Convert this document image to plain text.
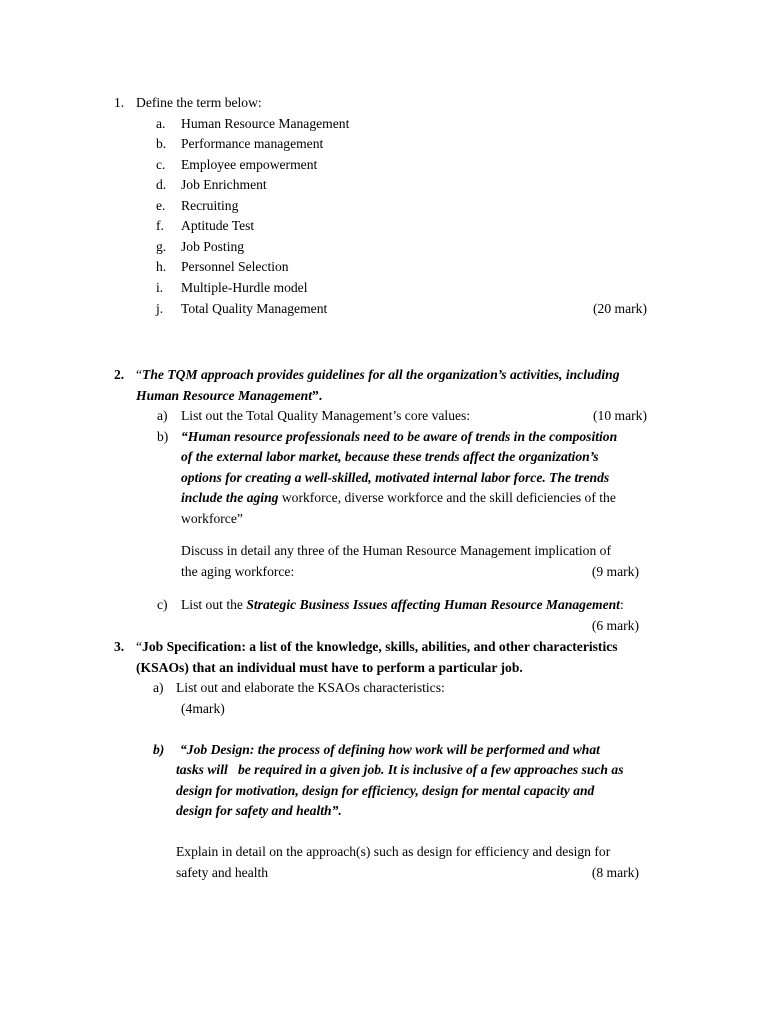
1. Define the term below:
a. Human Resource Management
b. Performance management
c. Employee empowerment
d. Job Enrichment
e. Recruiting
f. Aptitude Test
g. Job Posting
h. Personnel Selection
i. Multiple-Hurdle model
j. Total Quality Management	(20 mark)
2. “The TQM approach provides guidelines for all the organization’s activities, including
Human Resource Management”.
a) List out the Total Quality Management’s core values:	(10 mark)
b) “Human resource professionals need to be aware of trends in the composition
of the external labor market, because these trends affect the organization’s
options for creating a well-skilled, motivated internal labor force. The trends
include the aging workforce, diverse workforce and the skill deficiencies of the
workforce”
Discuss in detail any three of the Human Resource Management implication of
the aging workforce:	(9 mark)
c) List out the Strategic Business Issues affecting Human Resource Management:
(6 mark)
3. “Job Specification: a list of the knowledge, skills, abilities, and other characteristics
(KSAOs) that an individual must have to perform a particular job.
a) List out and elaborate the KSAOs characteristics:
(4mark)
b) “Job Design: the process of defining how work will be performed and what
tasks will   be required in a given job. It is inclusive of a few approaches such as
design for motivation, design for efficiency, design for mental capacity and
design for safety and health”.
Explain in detail on the approach(s) such as design for efficiency and design for
safety and health	(8 mark)
